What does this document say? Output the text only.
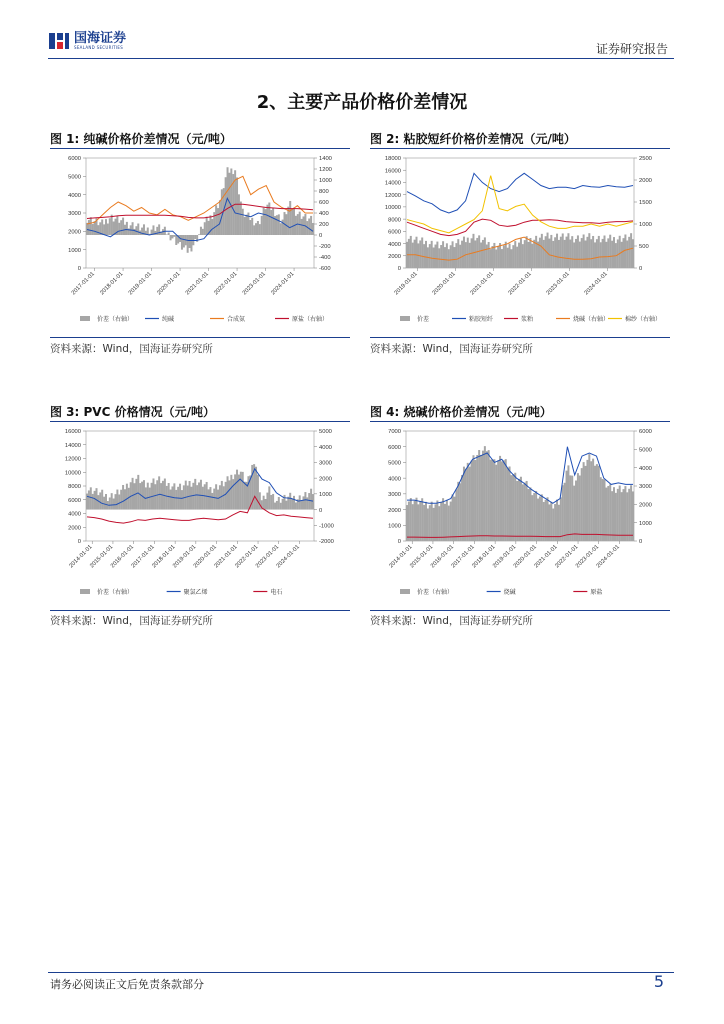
国海证券
SEALAND SECURITIES	证券研究报告
2、主要产品价格价差情况
图 1: 纯碱价格价差情况（元/吨）
0
1000
2000
3000
4000
5000
6000
-600
-400
-200
0
200
400
600
800
1000
1200
1400
2017-01-01 2018-01-01 2019-01-01 2020-01-01 2021-01-01 2022-01-01 2023-01-01 2024-01-01
价差（右轴）	纯碱	合成氨	原盐（右轴）
资料来源：Wind，国海证券研究所
图 2: 粘胶短纤价格价差情况（元/吨）
0
2000
4000
6000
8000
10000
12000
14000
16000
18000
0
500
1000
1500
2000
2500
2019-01-01 2020-01-01 2021-01-01 2022-01-01 2023-01-01 2024-01-01
价差	粘胶短纤	浆粕	烧碱（右轴）	棉纱（右轴）
资料来源：Wind，国海证券研究所
图 3: PVC 价格情况（元/吨）
0
2000
4000
6000
8000
10000
12000
14000
16000
-2000
-1000
0
1000
2000
3000
4000
5000
2014-01-01
2015-01-01
2016-01-01
2017-01-01
2018-01-01
2019-01-01
2020-01-01
2021-01-01
2022-01-01
2023-01-01
2024-01-01
价差（右轴）	聚氯乙烯	电石
资料来源：Wind，国海证券研究所
图 4: 烧碱价格价差情况（元/吨）
0
1000
2000
3000
4000
5000
6000
7000
0
1000
2000
3000
4000
5000
6000
2014-01-01
2015-01-01
2016-01-01
2017-01-01
2018-01-01
2019-01-01
2020-01-01
2021-01-01
2022-01-01
2023-01-01
2024-01-01
价差（右轴）	烧碱	原盐
资料来源：Wind，国海证券研究所
请务必阅读正文后免责条款部分	5
